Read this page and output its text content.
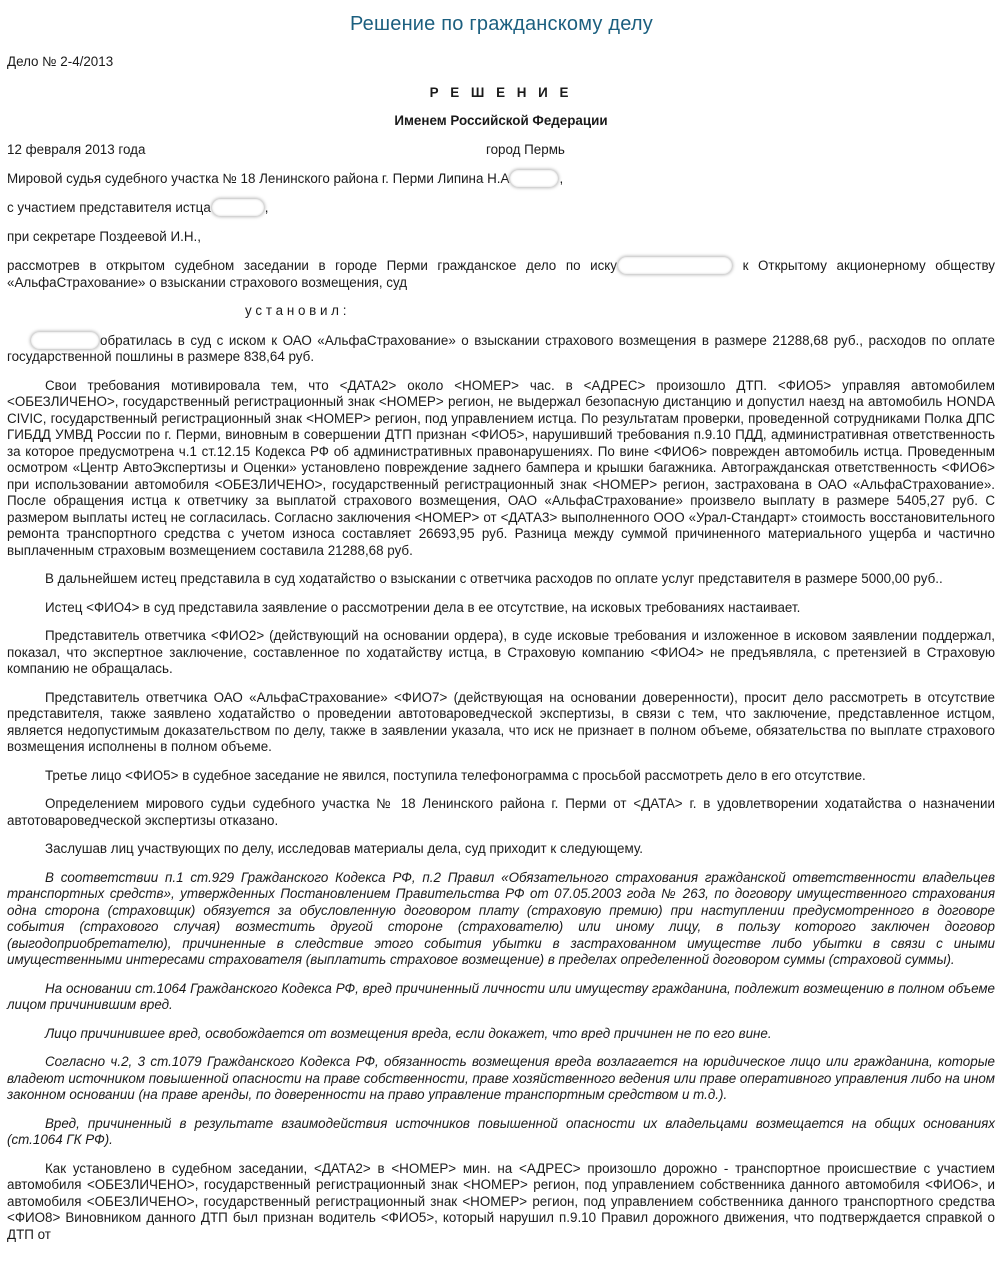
Решение по гражданскому делу

Дело № 2-4/2013

Р Е Ш Е Н И Е

Именем Российской Федерации

12 февраля 2013 года	город Пермь

Мировой судья судебного участка № 18 Ленинского района г. Перми Липина Н.А	,

с участием представителя истца	,

при секретаре Поздеевой И.Н.,

рассмотрев в открытом судебном заседании в городе Перми гражданское дело по иску	к Открытому акционерному обществу «АльфаСтрахование» о взыскании страхового возмещения, суд

у с т а н о в и л :

обратилась в суд с иском к ОАО «АльфаСтрахование» о взыскании страхового возмещения в размере 21288,68 руб., расходов по оплате государственной пошлины в размере 838,64 руб.

Свои требования мотивировала тем, что <ДАТА2> около <НОМЕР> час. в <АДРЕС> произошло ДТП. <ФИО5> управляя автомобилем <ОБЕЗЛИЧЕНО>, государственный регистрационный знак <НОМЕР> регион, не выдержал безопасную дистанцию и допустил наезд на автомобиль HONDA CIVIC, государственный регистрационный знак <НОМЕР> регион, под управлением истца. По результатам проверки, проведенной сотрудниками Полка ДПС ГИБДД УМВД России по г. Перми, виновным в совершении ДТП признан <ФИО5>, нарушивший требования п.9.10 ПДД, административная ответственность за которое предусмотрена ч.1 ст.12.15 Кодекса РФ об административных правонарушениях. По вине <ФИО6> поврежден автомобиль истца. Проведенным осмотром «Центр АвтоЭкспертизы и Оценки» установлено повреждение заднего бампера и крышки багажника. Автогражданская ответственность <ФИО6> при использовании автомобиля <ОБЕЗЛИЧЕНО>, государственный регистрационный знак <НОМЕР> регион, застрахована в ОАО «АльфаСтрахование». После обращения истца к ответчику за выплатой страхового возмещения, ОАО «АльфаСтрахование» произвело выплату в размере 5405,27 руб. С размером выплаты истец не согласилась. Согласно заключения <НОМЕР> от <ДАТА3> выполненного ООО «Урал-Стандарт» стоимость восстановительного ремонта транспортного средства с учетом износа составляет 26693,95 руб. Разница между суммой причиненного материального ущерба и частично выплаченным страховым возмещением составила 21288,68 руб.

В дальнейшем истец представила в суд ходатайство о взыскании с ответчика расходов по оплате услуг представителя в размере 5000,00 руб..

Истец <ФИО4> в суд представила заявление о рассмотрении дела в ее отсутствие, на исковых требованиях настаивает.

Представитель ответчика <ФИО2> (действующий на основании ордера), в суде исковые требования и изложенное в исковом заявлении поддержал, показал, что экспертное заключение, составленное по ходатайству истца, в Страховую компанию <ФИО4> не предъявляла, с претензией в Страховую компанию не обращалась.

Представитель ответчика ОАО «АльфаСтрахование» <ФИО7> (действующая на основании доверенности), просит дело рассмотреть в отсутствие представителя, также заявлено ходатайство о проведении автотовароведческой экспертизы, в связи с тем, что заключение, представленное истцом, является недопустимым доказательством по делу, также в заявлении указала, что иск не признает в полном объеме, обязательства по выплате страхового возмещения исполнены в полном объеме.

Третье лицо <ФИО5> в судебное заседание не явился, поступила телефонограмма с просьбой рассмотреть дело в его отсутствие.

Определением мирового судьи судебного участка № 18 Ленинского района г. Перми от <ДАТА> г. в удовлетворении ходатайства о назначении автотовароведческой экспертизы отказано.

Заслушав лиц участвующих по делу, исследовав материалы дела, суд приходит к следующему.

В соответствии п.1 ст.929 Гражданского Кодекса РФ, п.2 Правил «Обязательного страхования гражданской ответственности владельцев транспортных средств», утвержденных Постановлением Правительства РФ от 07.05.2003 года № 263, по договору имущественного страхования одна сторона (страховщик) обязуется за обусловленную договором плату (страховую премию) при наступлении предусмотренного в договоре события (страхового случая) возместить другой стороне (страхователю) или иному лицу, в пользу которого заключен договор (выгодоприобретателю), причиненные в следствие этого события убытки в застрахованном имуществе либо убытки в связи с иными имущественными интересами страхователя (выплатить страховое возмещение) в пределах определенной договором суммы (страховой суммы).

На основании ст.1064 Гражданского Кодекса РФ, вред причиненный личности или имуществу гражданина, подлежит возмещению в полном объеме лицом причинившим вред.

Лицо причинившее вред, освобождается от возмещения вреда, если докажет, что вред причинен не по его вине.

Согласно ч.2, 3 ст.1079 Гражданского Кодекса РФ, обязанность возмещения вреда возлагается на юридическое лицо или гражданина, которые владеют источником повышенной опасности на праве собственности, праве хозяйственного ведения или праве оперативного управления либо на ином законном основании (на праве аренды, по доверенности на право управление транспортным средством и т.д.).

Вред, причиненный в результате взаимодействия источников повышенной опасности их владельцами возмещается на общих основаниях (ст.1064 ГК РФ).

Как установлено в судебном заседании, <ДАТА2> в <НОМЕР> мин. на <АДРЕС> произошло дорожно - транспортное происшествие с участием автомобиля <ОБЕЗЛИЧЕНО>, государственный регистрационный знак <НОМЕР> регион, под управлением собственника данного автомобиля <ФИО6>, и автомобиля <ОБЕЗЛИЧЕНО>, государственный регистрационный знак <НОМЕР> регион, под управлением собственника данного транспортного средства <ФИО8> Виновником данного ДТП был признан водитель <ФИО5>, который нарушил п.9.10 Правил дорожного движения, что подтверждается справкой о ДТП от
